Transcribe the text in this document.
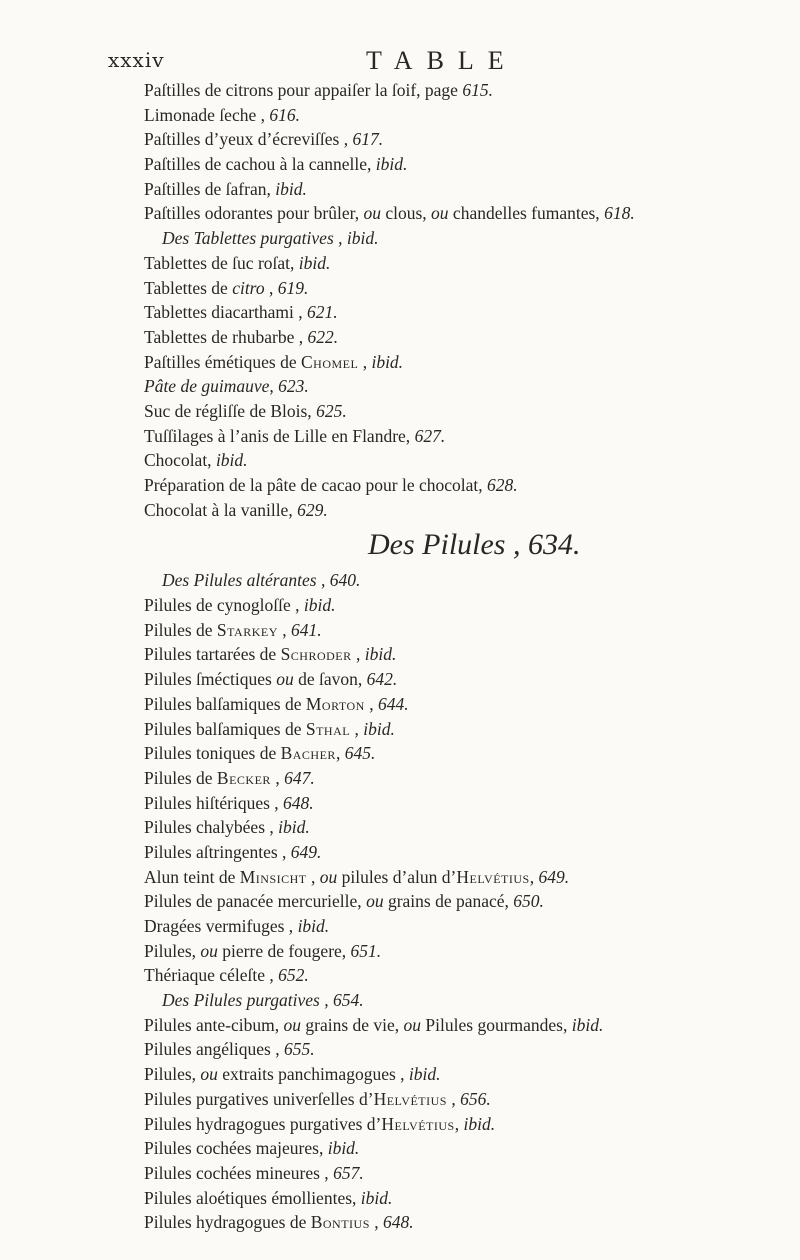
xxxiv	TABLE
Paſtilles de citrons pour appaiſer la ſoif, page 615.
Limonade ſeche , 616.
Paſtilles d’yeux d’écreviſſes , 617.
Paſtilles de cachou à la cannelle, ibid.
Paſtilles de ſafran, ibid.
Paſtilles odorantes pour brûler, ou clous, ou chandelles fumantes, 618.
Des Tablettes purgatives , ibid.
Tablettes de ſuc roſat, ibid.
Tablettes de citro , 619.
Tablettes diacarthami , 621.
Tablettes de rhubarbe , 622.
Paſtilles émétiques de Chomel , ibid.
Pâte de guimauve, 623.
Suc de régliſſe de Blois, 625.
Tuſſilages à l’anis de Lille en Flandre, 627.
Chocolat, ibid.
Préparation de la pâte de cacao pour le chocolat, 628.
Chocolat à la vanille, 629.
Des Pilules , 634.
Des Pilules altérantes , 640.
Pilules de cynogloſſe , ibid.
Pilules de Starkey , 641.
Pilules tartarées de Schroder , ibid.
Pilules ſméctiques ou de ſavon, 642.
Pilules balſamiques de Morton , 644.
Pilules balſamiques de Sthal , ibid.
Pilules toniques de Bacher, 645.
Pilules de Becker , 647.
Pilules hiſtériques , 648.
Pilules chalybées , ibid.
Pilules aſtringentes , 649.
Alun teint de Minsicht , ou pilules d’alun d’Helvétius, 649.
Pilules de panacée mercurielle, ou grains de panacé, 650.
Dragées vermifuges , ibid.
Pilules, ou pierre de fougere, 651.
Thériaque céleſte , 652.
Des Pilules purgatives , 654.
Pilules ante-cibum, ou grains de vie, ou Pilules gourmandes, ibid.
Pilules angéliques , 655.
Pilules, ou extraits panchimagogues , ibid.
Pilules purgatives univerſelles d’Helvétius , 656.
Pilules hydragogues purgatives d’Helvétius, ibid.
Pilules cochées majeures, ibid.
Pilules cochées mineures , 657.
Pilules aloétiques émollientes, ibid.
Pilules hydragogues de Bontius , 648.
